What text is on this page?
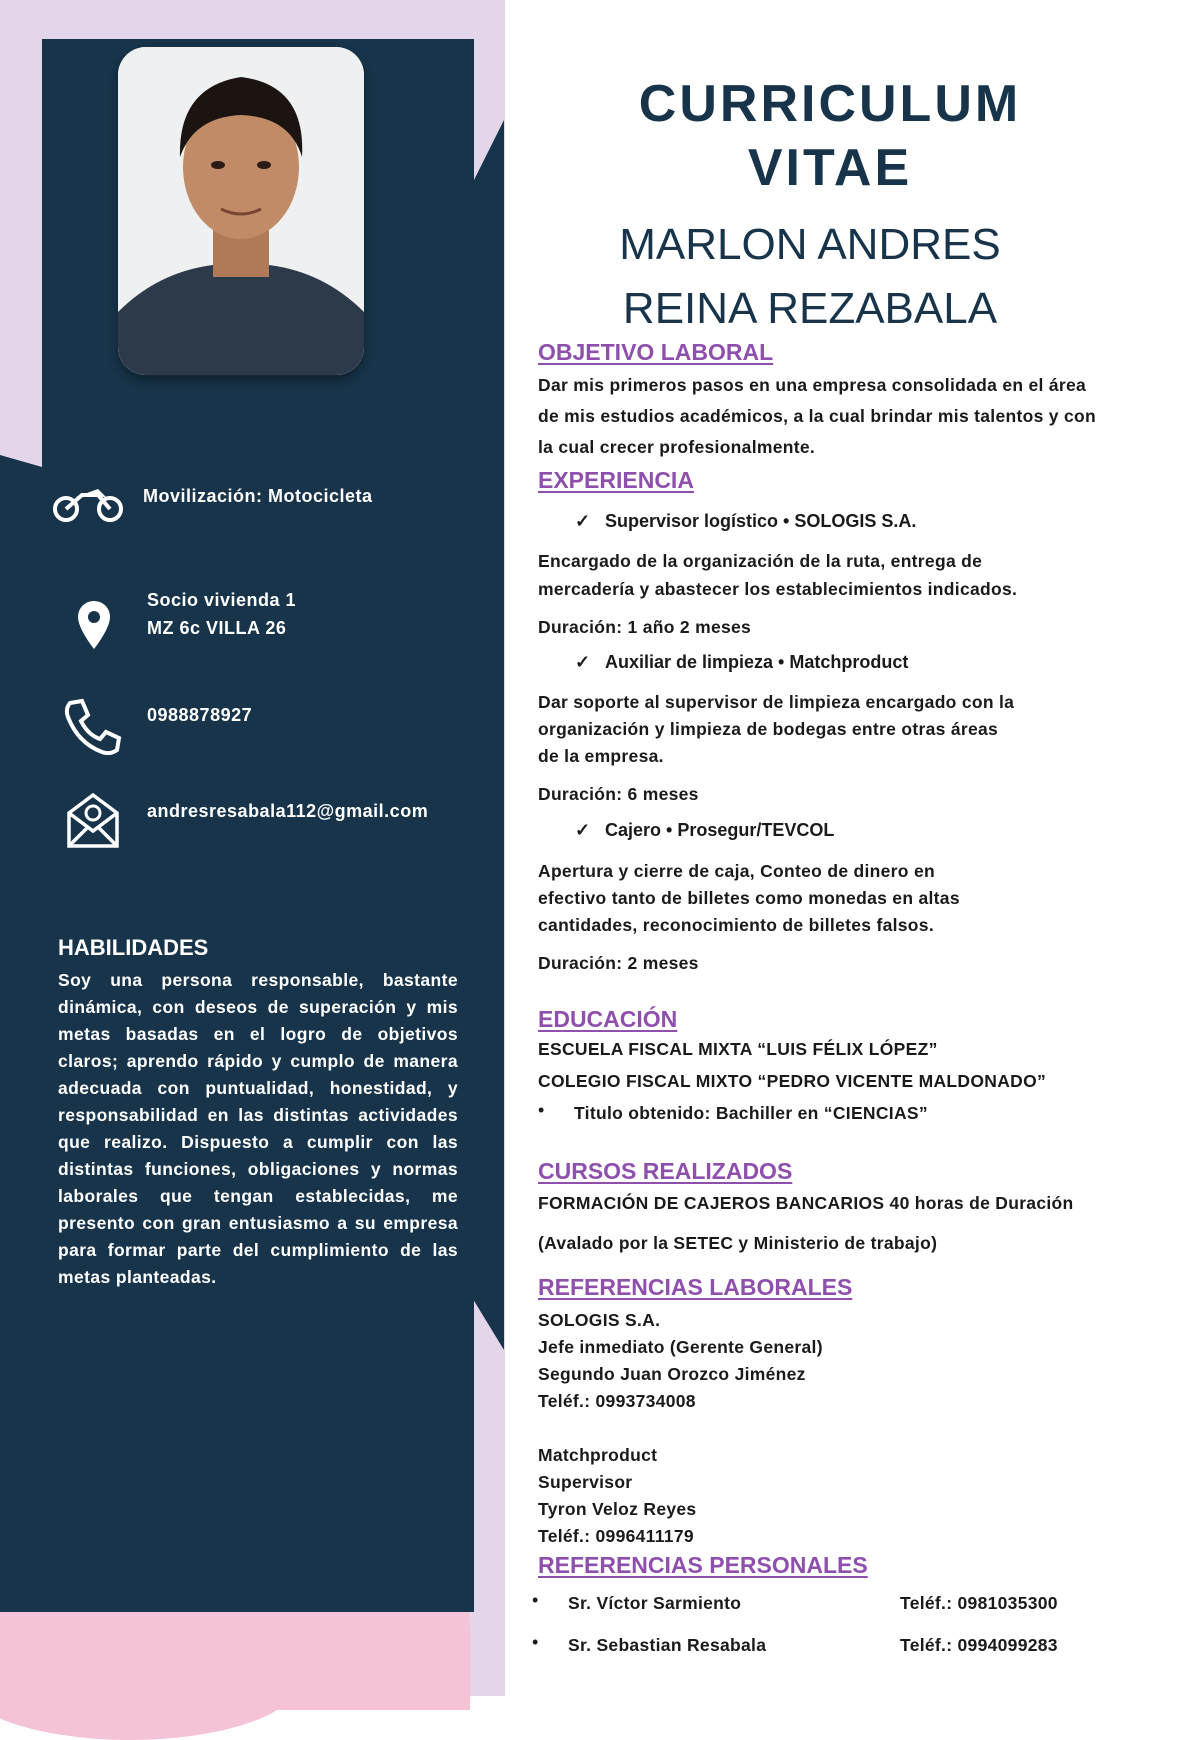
Movilización: Motocicleta
Socio vivienda 1
MZ 6c VILLA 26
0988878927
andresresabala112@gmail.com
HABILIDADES
Soy una persona responsable, bastante dinámica, con deseos de superación y mis metas basadas en el logro de objetivos claros; aprendo rápido y cumplo de manera adecuada con puntualidad, honestidad, y responsabilidad en las distintas actividades que realizo. Dispuesto a cumplir con las distintas funciones, obligaciones y normas laborales que tengan establecidas, me presento con gran entusiasmo a su empresa para formar parte del cumplimiento de las metas planteadas.
CURRICULUM
VITAE
MARLON ANDRES
REINA REZABALA
OBJETIVO LABORAL
Dar mis primeros pasos en una empresa consolidada en el área
de mis estudios académicos, a la cual brindar mis talentos y con
la cual crecer profesionalmente.
EXPERIENCIA
✓ Supervisor logístico • SOLOGIS S.A.
Encargado de la organización de la ruta, entrega de
mercadería y abastecer los establecimientos indicados.
Duración: 1 año 2 meses
✓ Auxiliar de limpieza • Matchproduct
Dar soporte al supervisor de limpieza encargado con la
organización y limpieza de bodegas entre otras áreas
de la empresa.
Duración: 6 meses
✓ Cajero • Prosegur/TEVCOL
Apertura y cierre de caja, Conteo de dinero en
efectivo tanto de billetes como monedas en altas
cantidades, reconocimiento de billetes falsos.
Duración: 2 meses
EDUCACIÓN
ESCUELA FISCAL MIXTA “LUIS FÉLIX LÓPEZ”
COLEGIO FISCAL MIXTO “PEDRO VICENTE MALDONADO”
• Titulo obtenido: Bachiller en “CIENCIAS”
CURSOS REALIZADOS
FORMACIÓN DE CAJEROS BANCARIOS 40 horas de Duración
(Avalado por la SETEC y Ministerio de trabajo)
REFERENCIAS LABORALES
SOLOGIS S.A.
Jefe inmediato (Gerente General)
Segundo Juan Orozco Jiménez
Teléf.: 0993734008
Matchproduct
Supervisor
Tyron Veloz Reyes
Teléf.: 0996411179
REFERENCIAS PERSONALES
• Sr. Víctor Sarmiento	Teléf.: 0981035300
• Sr. Sebastian Resabala	Teléf.: 0994099283
